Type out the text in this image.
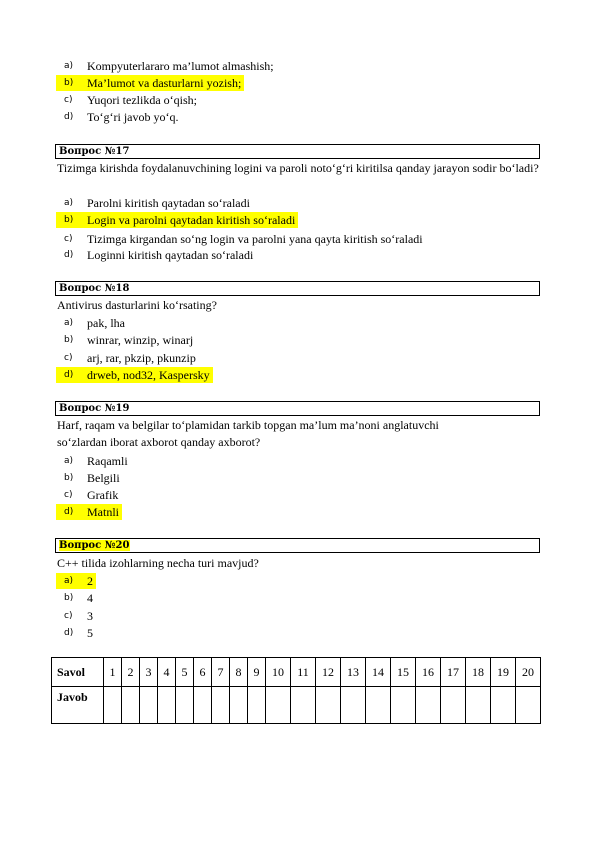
a)	Kompyuterlararo ma’lumot almashish;
b)	Ma’lumot va dasturlarni yozish;
c)	Yuqori tezlikda o‘qish;
d)	To‘g‘ri javob yo‘q.
Вопрос №17
Tizimga kirishda foydalanuvchining logini va paroli noto‘g‘ri kiritilsa qanday jarayon sodir bo‘ladi?
a)	Parolni kiritish qaytadan so‘raladi
b)	Login va parolni qaytadan kiritish so‘raladi
c)	Tizimga kirgandan so‘ng login va parolni yana qayta kiritish so‘raladi
d)	Loginni kiritish qaytadan so‘raladi
Вопрос №18
Antivirus dasturlarini ko‘rsating?
a)	pak, lha
b)	winrar, winzip, winarj
c)	arj, rar, pkzip, pkunzip
d)	drweb, nod32, Kaspersky
Вопрос №19
Harf, raqam va belgilar to‘plamidan tarkib topgan ma’lum ma’noni anglatuvchi
so‘zlardan iborat axborot qanday axborot?
a)	Raqamli
b)	Belgili
c)	Grafik
d)	Matnli
Вопрос №20
C++ tilida izohlarning necha turi mavjud?
a)	2
b)	4
c)	3
d)	5
Savol	1	2	3	4	5	6	7	8	9	10	11	12	13	14	15	16	17	18	19	20
Javob																				
